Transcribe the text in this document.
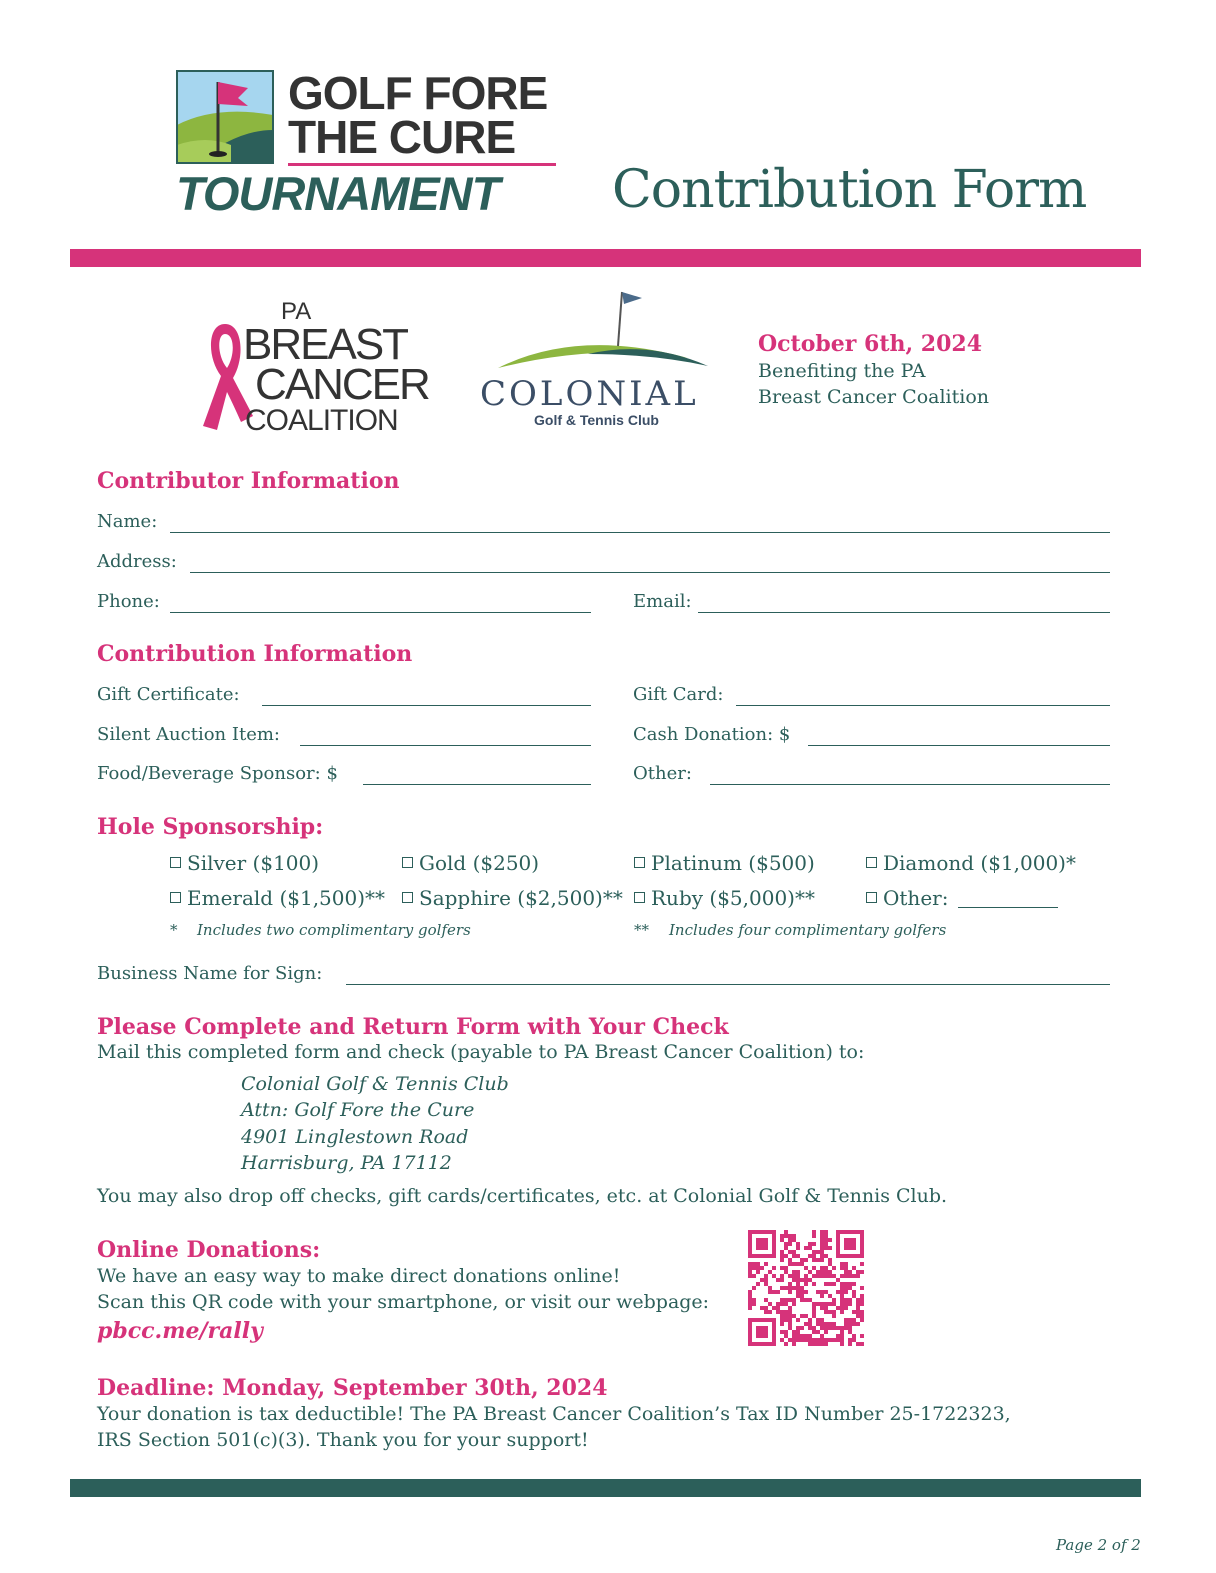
GOLF FORE
THE CURE
TOURNAMENT Contribution Form
PA
BREAST
CANCER
COALITION
COLONIAL
Golf & Tennis Club
October 6th, 2024
Benefiting the PA
Breast Cancer Coalition
Contributor Information
Name:
Address:
Phone:	Email:
Contribution Information
Gift Certificate:	Gift Card:
Silent Auction Item:	Cash Donation: $
Food/Beverage Sponsor: $	Other:
Hole Sponsorship:
Silver ($100)	Gold ($250)	Platinum ($500)	Diamond ($1,000)*
Emerald ($1,500)**	Sapphire ($2,500)**	Ruby ($5,000)**	Other:
* Includes two complimentary golfers	** Includes four complimentary golfers
Business Name for Sign:
Please Complete and Return Form with Your Check
Mail this completed form and check (payable to PA Breast Cancer Coalition) to:
Colonial Golf & Tennis Club
Attn: Golf Fore the Cure
4901 Linglestown Road
Harrisburg, PA 17112
You may also drop off checks, gift cards/certificates, etc. at Colonial Golf & Tennis Club.
Online Donations:
We have an easy way to make direct donations online!
Scan this QR code with your smartphone, or visit our webpage:
pbcc.me/rally
Deadline: Monday, September 30th, 2024
Your donation is tax deductible! The PA Breast Cancer Coalition’s Tax ID Number 25-1722323,
IRS Section 501(c)(3). Thank you for your support!
Page 2 of 2
